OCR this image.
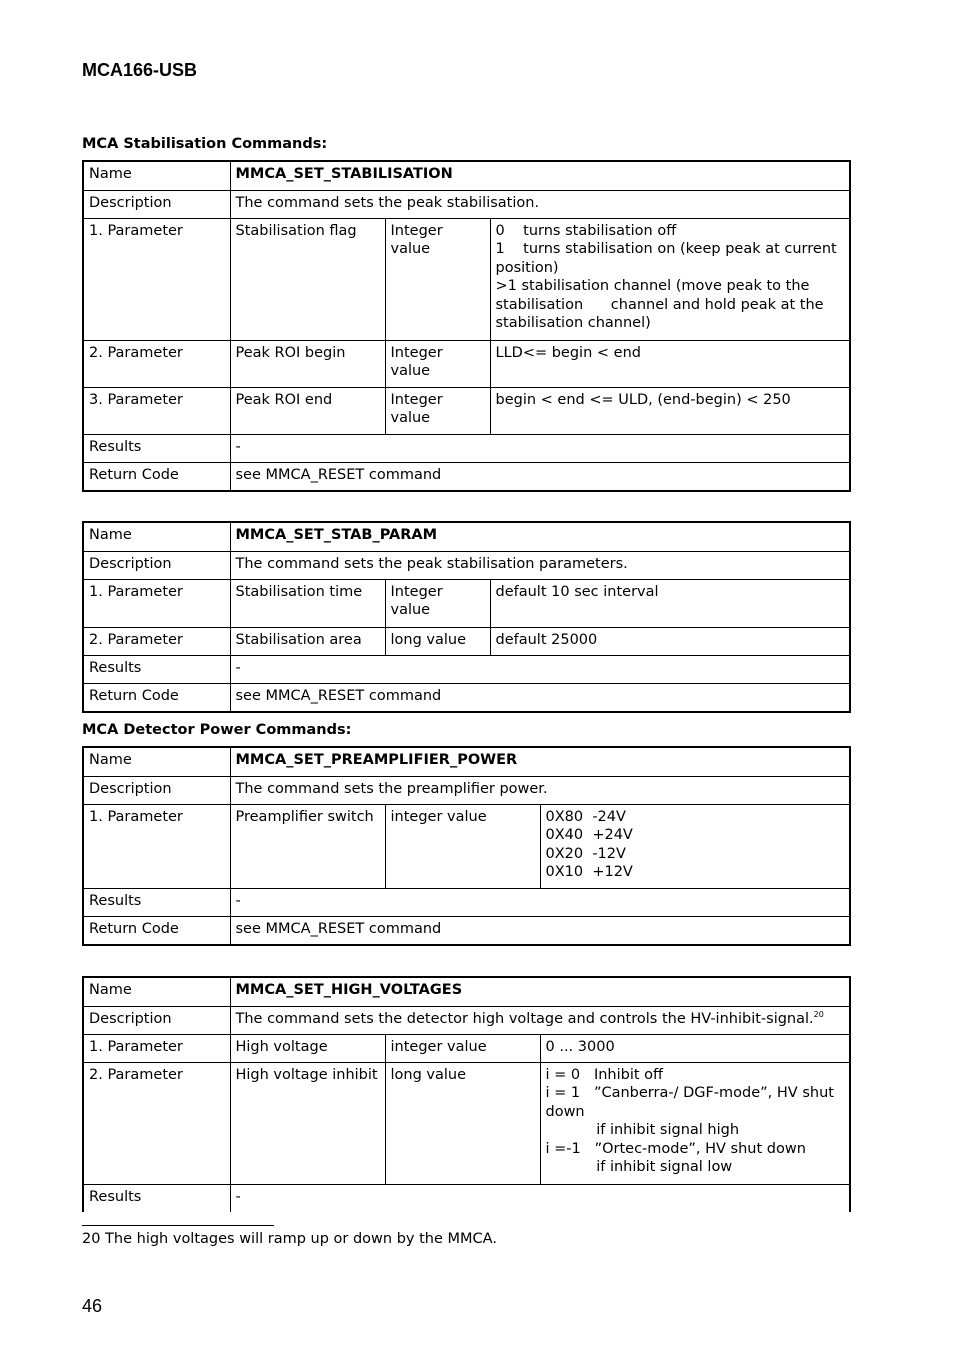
MCA166-USB
MCA Stabilisation Commands:
Name	MMCA_SET_STABILISATION		
Description	The command sets the peak stabilisation.		
1. Parameter	Stabilisation flag	Integer value	0    turns stabilisation off
1    turns stabilisation on (keep peak at current position)
>1 stabilisation channel (move peak to the stabilisation      channel and hold peak at the stabilisation channel)
2. Parameter	Peak ROI begin	Integer value	LLD<= begin < end
3. Parameter	Peak ROI end	Integer value	begin < end <= ULD, (end-begin) < 250
Results	-		
Return Code	see MMCA_RESET command		
Name	MMCA_SET_STAB_PARAM		
Description	The command sets the peak stabilisation parameters.		
1. Parameter	Stabilisation time	Integer value	default 10 sec interval
2. Parameter	Stabilisation area	long value	default 25000
Results	-		
Return Code	see MMCA_RESET command		
MCA Detector Power Commands:
Name	MMCA_SET_PREAMPLIFIER_POWER		
Description	The command sets the preamplifier power.		
1. Parameter	Preamplifier switch	integer value	0X80  -24V
0X40  +24V
0X20  -12V
0X10  +12V
Results	-		
Return Code	see MMCA_RESET command		
Name	MMCA_SET_HIGH_VOLTAGES		
Description	The command sets the detector high voltage and controls the HV-inhibit-signal.$^{20}$
1. Parameter	High voltage	integer value	0 ... 3000
2. Parameter	High voltage inhibit	long value	i = 0   Inhibit off
i = 1   ”Canberra-/ DGF-mode”, HV shut down
if inhibit signal high
i =-1   ”Ortec-mode”, HV shut down
if inhibit signal low
Results	-		
20 The high voltages will ramp up or down by the MMCA.
46
